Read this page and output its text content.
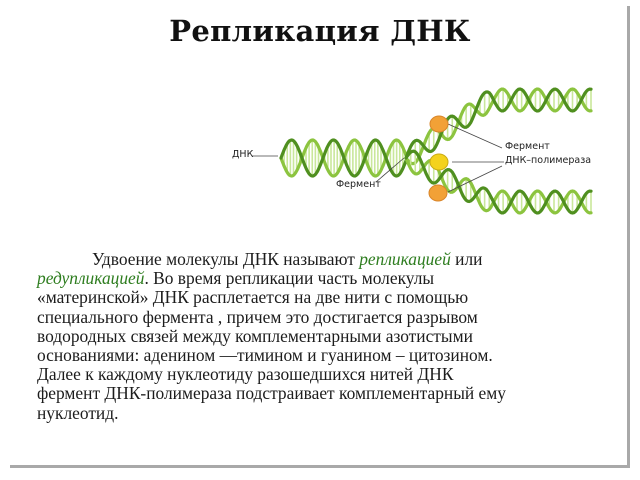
Репликация ДНК
ДНК
Фермент
Фермент
ДНК–полимераза
Удвоение молекулы ДНК называют репликацией или
редупликацией. Во время репликации часть молекулы
«материнской» ДНК расплетается на две нити с помощью
специального фермента , причем это достигается разрывом
водородных связей между комплементарными азотистыми
основаниями: аденином —тимином и гуанином – цитозином.
Далее к каждому нуклеотиду разошедшихся нитей ДНК
фермент ДНК-полимераза подстраивает комплементарный ему
нуклеотид.
